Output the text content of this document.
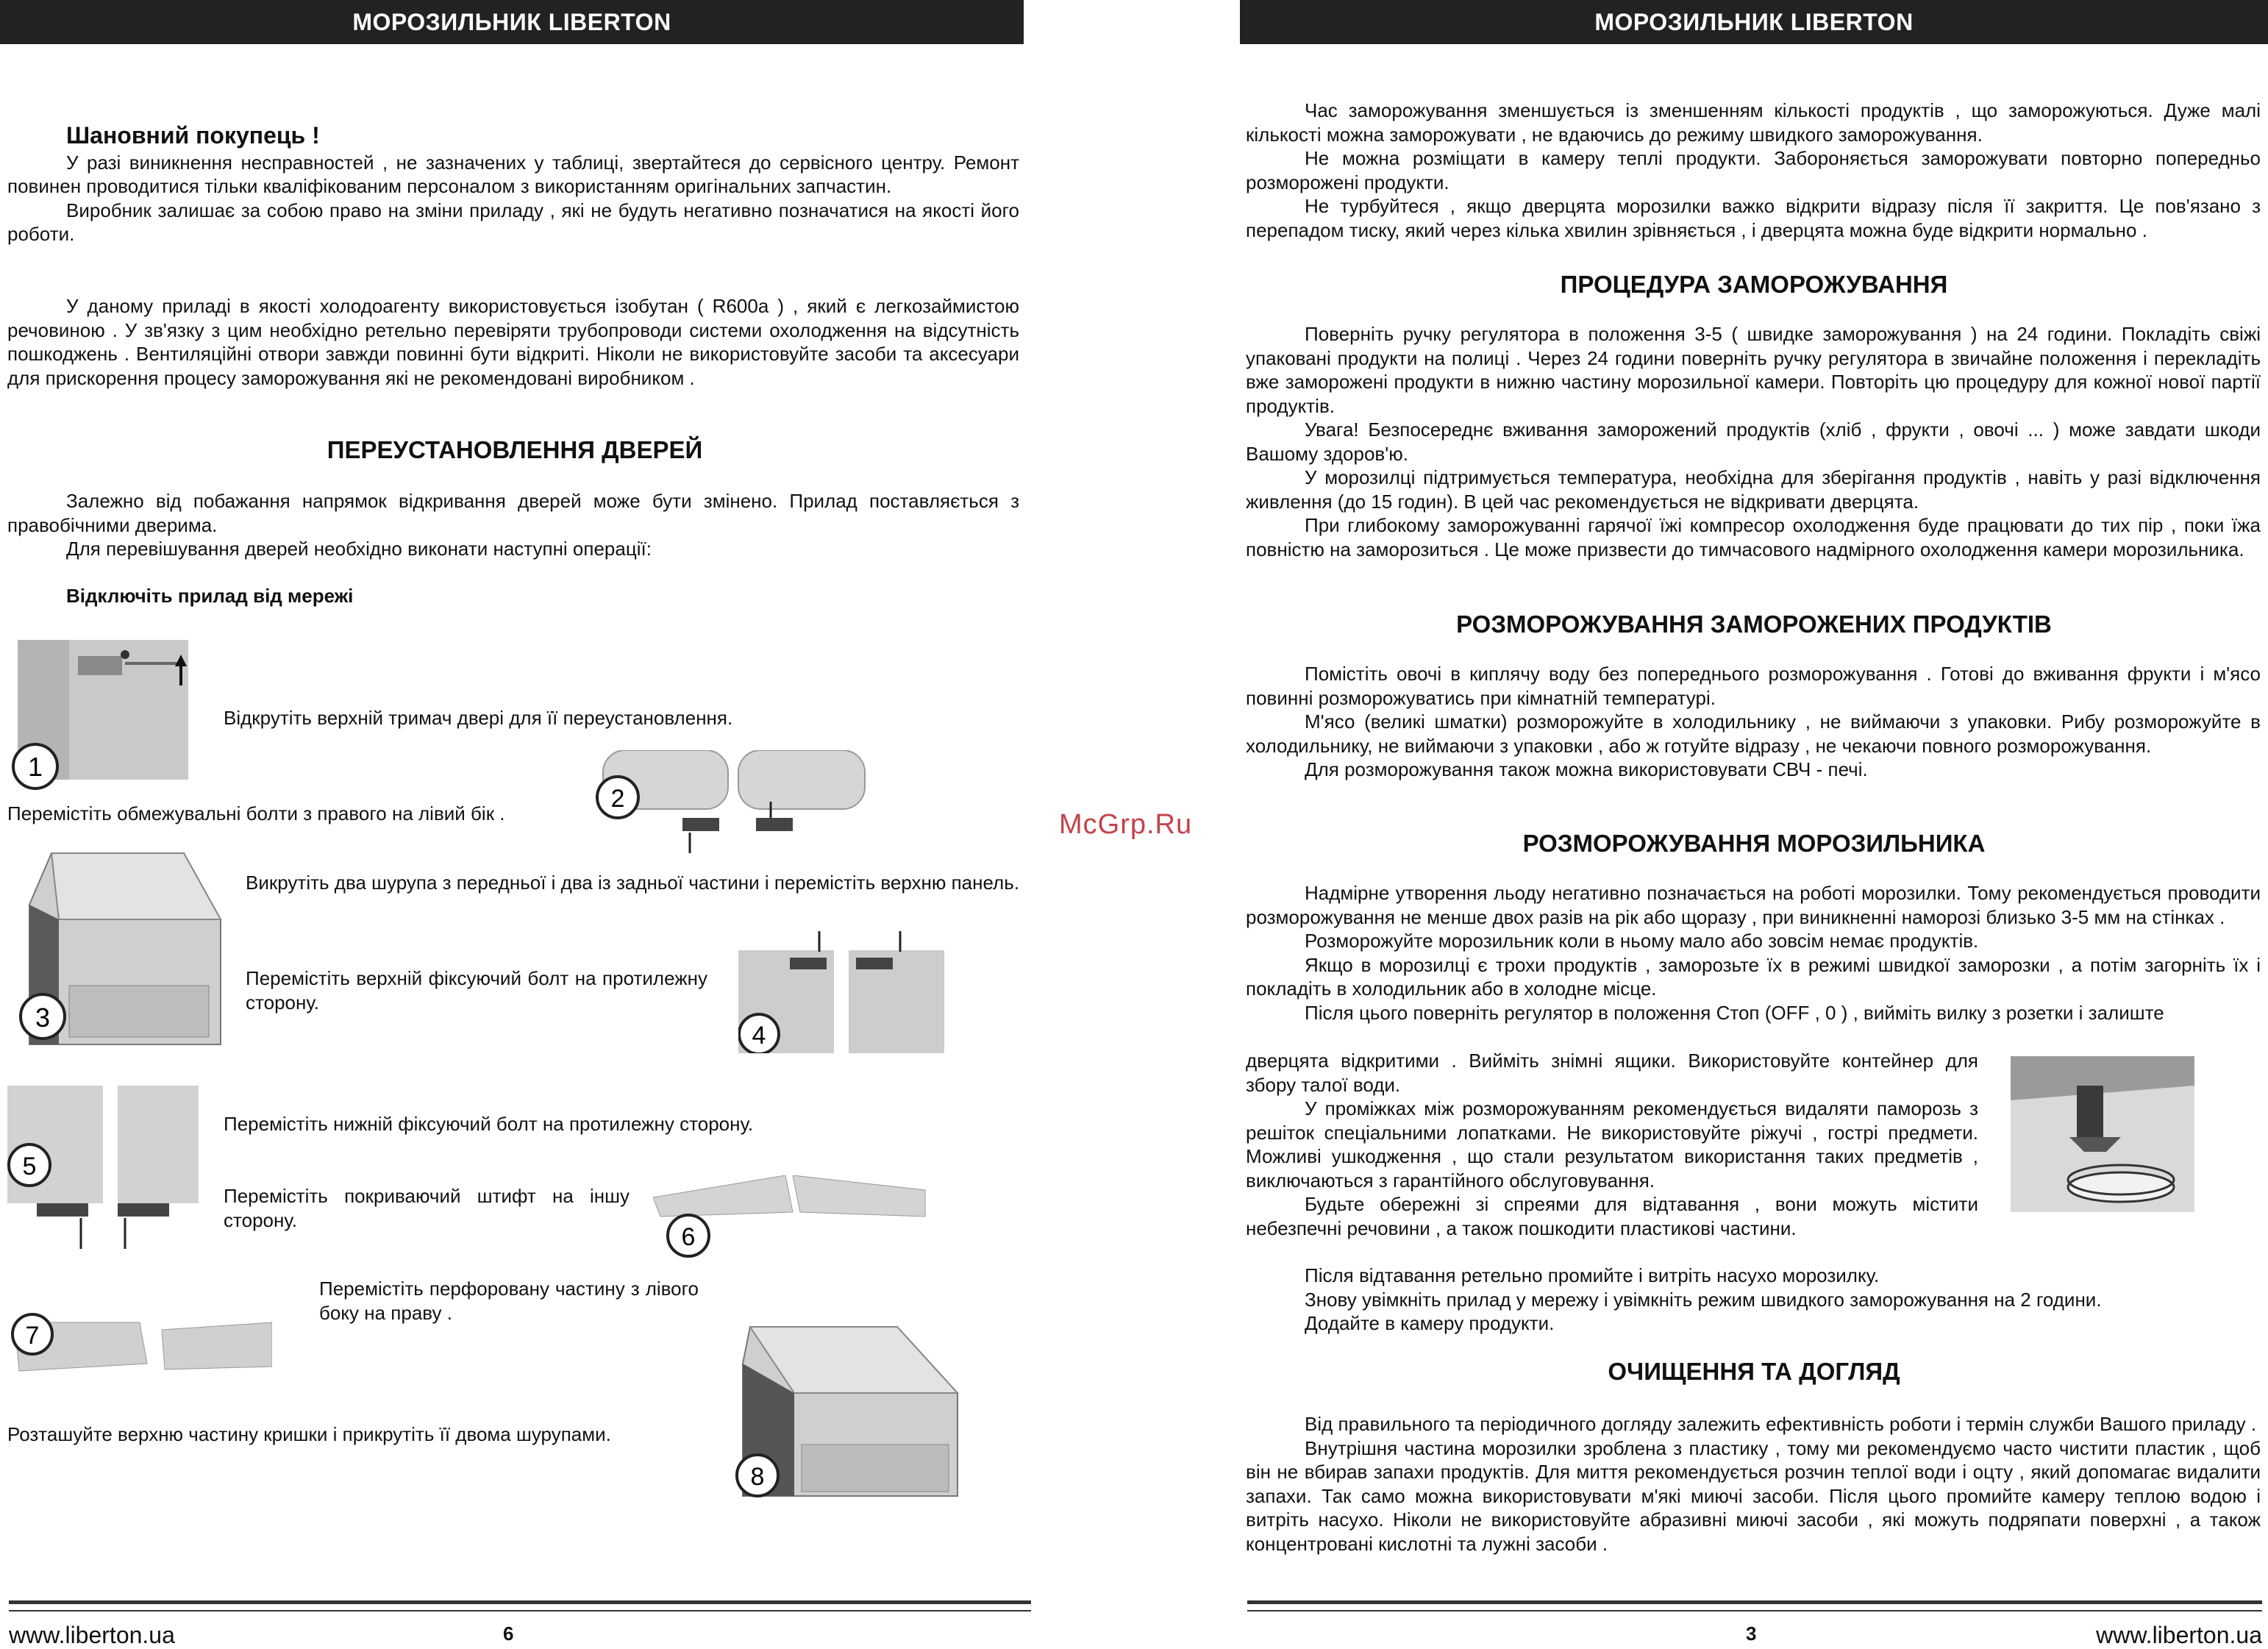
МОРОЗИЛЬНИК LIBERTON
Шановний покупець !

У разі виникнення несправностей , не зазначених у таблиці, звертайтеся до сервісного центру. Ремонт повинен проводитися тільки кваліфікованим персоналом з використанням оригінальних запчастин.

Виробник залишає за собою право на зміни приладу , які не будуть негативно позначатися на якості його роботи.

У даному приладі в якості холодоагенту використовується ізобутан ( R600a ) , який є легкозаймистою речовиною . У зв'язку з цим необхідно ретельно перевіряти трубопроводи системи охолодження на відсутність пошкоджень . Вентиляційні отвори завжди повинні бути відкриті. Ніколи не використовуйте засоби та аксесуари для прискорення процесу заморожування які не рекомендовані виробником .

ПЕРЕУСТАНОВЛЕННЯ ДВЕРЕЙ

Залежно від побажання напрямок відкривання дверей може бути змінено. Прилад поставляється з правобічними дверима.

Для перевішування дверей необхідно виконати наступні операції:

Відключіть прилад від мережі
1
Відкрутіть верхній тримач двері для її переустановлення.
Перемістіть обмежувальні болти з правого на лівий бік .
2
3
Викрутіть два шурупа з передньої і два із задньої частини і перемістіть верхню панель.
Перемістіть верхній фіксуючий болт на протилежну сторону.
4
5
Перемістіть нижній фіксуючий болт на протилежну сторону.
Перемістіть покриваючий штифт на іншу сторону.
6
7
Перемістіть перфоровану частину з лівого боку на праву .
Розташуйте верхню частину кришки і прикрутіть її двома шурупами.
8
www.liberton.ua	6
McGrp.Ru
МОРОЗИЛЬНИК LIBERTON

Час заморожування зменшується із зменшенням кількості продуктів , що заморожуються. Дуже малі кількості можна заморожувати , не вдаючись до режиму швидкого заморожування.

Не можна розміщати в камеру теплі продукти. Забороняється заморожувати повторно попередньо розморожені продукти.

Не турбуйтеся , якщо дверцята морозилки важко відкрити відразу після її закриття. Це пов'язано з перепадом тиску, який через кілька хвилин зрівняється , і дверцята можна буде відкрити нормально .

ПРОЦЕДУРА ЗАМОРОЖУВАННЯ

Поверніть ручку регулятора в положення 3-5 ( швидке заморожування ) на 24 години. Покладіть свіжі упаковані продукти на полиці . Через 24 години поверніть ручку регулятора в звичайне положення і перекладіть вже заморожені продукти в нижню частину морозильної камери. Повторіть цю процедуру для кожної нової партії продуктів.

Увага! Безпосереднє вживання заморожений продуктів (хліб , фрукти , овочі ... ) може завдати шкоди Вашому здоров'ю.

У морозилці підтримується температура, необхідна для зберігання продуктів , навіть у разі відключення живлення (до 15 годин). В цей час рекомендується не відкривати дверцята.

При глибокому заморожуванні гарячої їжі компресор охолодження буде працювати до тих пір , поки їжа повністю на заморозиться . Це може призвести до тимчасового надмірного охолодження камери морозильника.

РОЗМОРОЖУВАННЯ ЗАМОРОЖЕНИХ ПРОДУКТІВ

Помістіть овочі в киплячу воду без попереднього розморожування . Готові до вживання фрукти і м'ясо повинні розморожуватись при кімнатній температурі.

М'ясо (великі шматки) розморожуйте в холодильнику , не виймаючи з упаковки. Рибу розморожуйте в холодильнику, не виймаючи з упаковки , або ж готуйте відразу , не чекаючи повного розморожування.

Для розморожування також можна використовувати СВЧ - печі.

РОЗМОРОЖУВАННЯ МОРОЗИЛЬНИКА

Надмірне утворення льоду негативно позначається на роботі морозилки. Тому рекомендується проводити розморожування не менше двох разів на рік або щоразу , при виникненні наморозі близько 3-5 мм на стінках .

Розморожуйте морозильник коли в ньому мало або зовсім немає продуктів.

Якщо в морозилці є трохи продуктів , заморозьте їх в режимі швидкої заморозки , а потім загорніть їх і покладіть в холодильник або в холодне місце.

Після цього поверніть регулятор в положення Стоп (OFF , 0 ) , вийміть вилку з розетки і залиште

дверцята відкритими . Вийміть знімні ящики. Використовуйте контейнер для збору талої води.

У проміжках між розморожуванням рекомендується видаляти паморозь з решіток спеціальними лопатками. Не використовуйте ріжучі , гострі предмети. Можливі ушкодження , що стали результатом використання таких предметів , виключаються з гарантійного обслуговування.

Будьте обережні зі спреями для відтавання , вони можуть містити небезпечні речовини , а також пошкодити пластикові частини.

Після відтавання ретельно промийте і витріть насухо морозилку.

Знову увімкніть прилад у мережу і увімкніть режим швидкого заморожування на 2 години.

Додайте в камеру продукти.

ОЧИЩЕННЯ ТА ДОГЛЯД

Від правильного та періодичного догляду залежить ефективність роботи і термін служби Вашого приладу .

Внутрішня частина морозилки зроблена з пластику , тому ми рекомендуємо часто чистити пластик , щоб він не вбирав запахи продуктів. Для миття рекомендується розчин теплої води і оцту , який допомагає видалити запахи. Так само можна використовувати м'які миючі засоби. Після цього промийте камеру теплою водою і витріть насухо. Ніколи не використовуйте абразивні миючі засоби , які можуть подряпати поверхні , а також концентровані кислотні та лужні засоби .

3	www.liberton.ua
